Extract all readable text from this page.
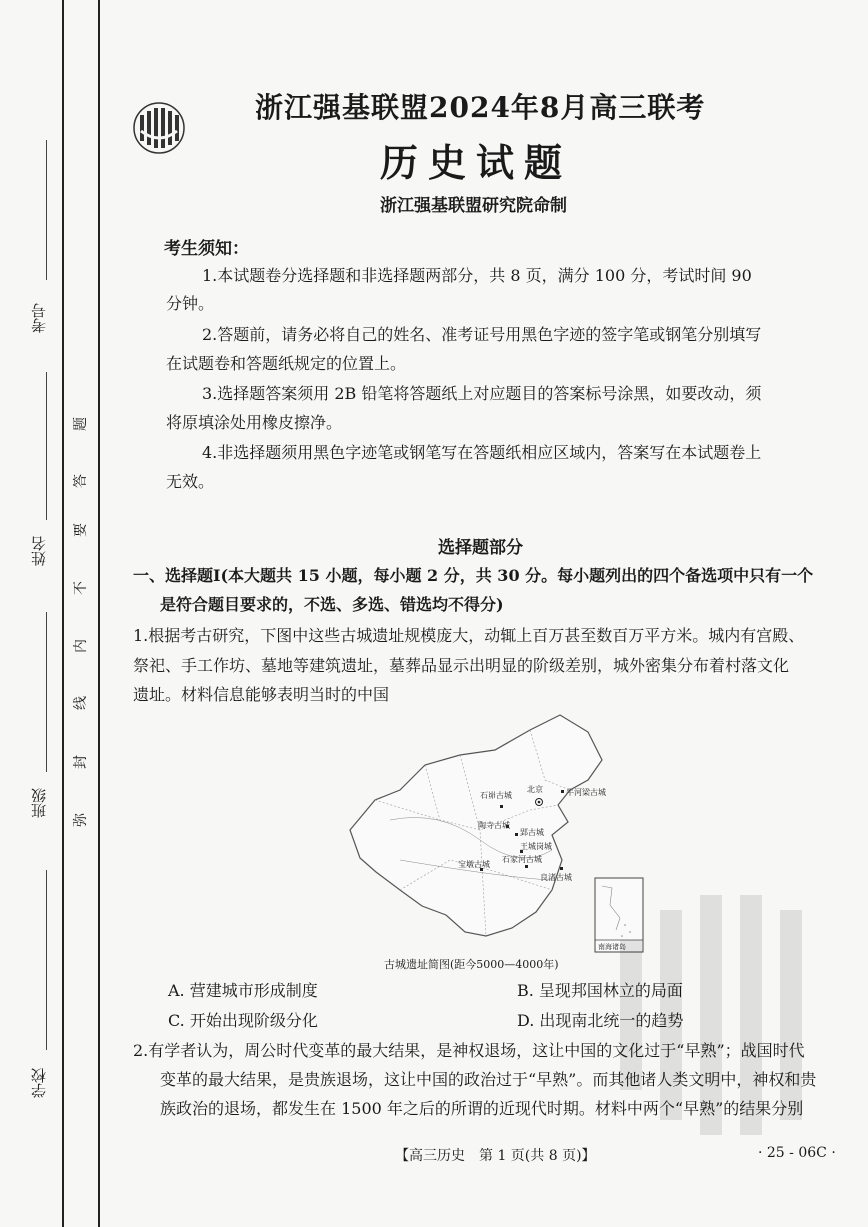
考号
姓名
班级
学校
弥
封
线
内
不
要
答
题
浙江强基联盟2024年8月高三联考
历史试题
浙江强基联盟研究院命制
考生须知：
1.本试题卷分选择题和非选择题两部分，共 8 页，满分 100 分，考试时间 90
分钟。
2.答题前，请务必将自己的姓名、准考证号用黑色字迹的签字笔或钢笔分别填写
在试题卷和答题纸规定的位置上。
3.选择题答案须用 2B 铅笔将答题纸上对应题目的答案标号涂黑，如要改动，须
将原填涂处用橡皮擦净。
4.非选择题须用黑色字迹笔或钢笔写在答题纸相应区域内，答案写在本试题卷上
无效。
选择题部分
一、选择题Ⅰ(本大题共 15 小题，每小题 2 分，共 30 分。每小题列出的四个备选项中只有一个
是符合题目要求的，不选、多选、错选均不得分)
1.根据考古研究，下图中这些古城遗址规模庞大，动辄上百万甚至数百万平方米。城内有宫殿、
祭祀、手工作坊、墓地等建筑遗址，墓葬品显示出明显的阶级差别，城外密集分布着村落文化
遗址。材料信息能够表明当时的中国
北京
石峁古城	牛河梁古城
陶寺古城
郢古城
王城岗城
宝墩古城
石家河古城
良渚古城
南海诸岛
古城遗址简图(距今5000—4000年)
A. 营建城市形成制度	B. 呈现邦国林立的局面
C. 开始出现阶级分化	D. 出现南北统一的趋势
2.有学者认为，周公时代变革的最大结果，是神权退场，这让中国的文化过于“早熟”；战国时代
变革的最大结果，是贵族退场，这让中国的政治过于“早熟”。而其他诸人类文明中，神权和贵
族政治的退场，都发生在 1500 年之后的所谓的近现代时期。材料中两个“早熟”的结果分别
【高三历史　第 1 页(共 8 页)】	· 25 - 06C ·
